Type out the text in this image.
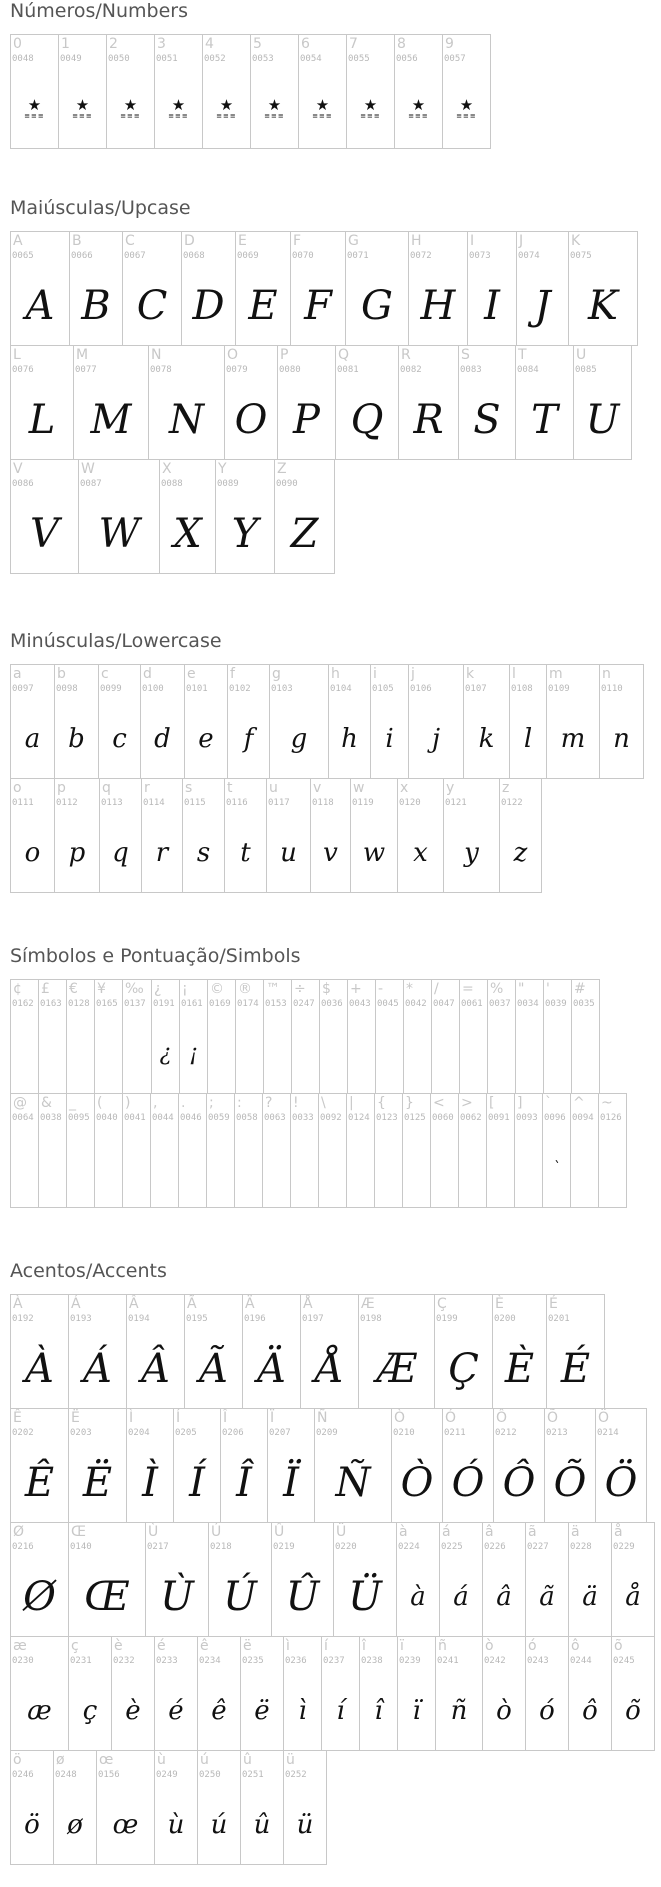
Números/Numbers
0
0048
★
≡≡≡
1
0049
★
≡≡≡
2
0050
★
≡≡≡
3
0051
★
≡≡≡
4
0052
★
≡≡≡
5
0053
★
≡≡≡
6
0054
★
≡≡≡
7
0055
★
≡≡≡
8
0056
★
≡≡≡
9
0057
★
≡≡≡
Maiúsculas/Upcase
A
0065
A
B
0066
B
C
0067
C
D
0068
D
E
0069
E
F
0070
F
G
0071
G
H
0072
H
I
0073
I
J
0074
J
K
0075
K
L
0076
L
M
0077
M
N
0078
N
O
0079
O
P
0080
P
Q
0081
Q
R
0082
R
S
0083
S
T
0084
T
U
0085
U
V
0086
V
W
0087
W
X
0088
X
Y
0089
Y
Z
0090
Z
Minúsculas/Lowercase
a
0097
a
b
0098
b
c
0099
c
d
0100
d
e
0101
e
f
0102
f
g
0103
g
h
0104
h
i
0105
i
j
0106
j
k
0107
k
l
0108
l
m
0109
m
n
0110
n
o
0111
o
p
0112
p
q
0113
q
r
0114
r
s
0115
s
t
0116
t
u
0117
u
v
0118
v
w
0119
w
x
0120
x
y
0121
y
z
0122
z
Símbolos e Pontuação/Simbols
¢
0162
£
0163
€
0128
¥
0165
‰
0137
¿
0191
¿
¡
0161
¡
©
0169
®
0174
™
0153
÷
0247
$
0036
+
0043
-
0045
*
0042
/
0047
=
0061
%
0037
"
0034
'
0039
#
0035
@
0064
&
0038
_
0095
(
0040
)
0041
,
0044
.
0046
;
0059
:
0058
?
0063
!
0033
\
0092
|
0124
{
0123
}
0125
<
0060
>
0062
[
0091
]
0093
`
0096
`
^
0094
~
0126
Acentos/Accents
À
0192
À
Á
0193
Á
Â
0194
Â
Ã
0195
Ã
Ä
0196
Ä
Å
0197
Å
Æ
0198
Æ
Ç
0199
Ç
È
0200
È
É
0201
É
Ê
0202
Ê
Ë
0203
Ë
Ì
0204
Ì
Í
0205
Í
Î
0206
Î
Ï
0207
Ï
Ñ
0209
Ñ
Ò
0210
Ò
Ó
0211
Ó
Ô
0212
Ô
Õ
0213
Õ
Ö
0214
Ö
Ø
0216
Ø
Œ
0140
Œ
Ù
0217
Ù
Ú
0218
Ú
Û
0219
Û
Ü
0220
Ü
à
0224
à
á
0225
á
â
0226
â
ã
0227
ã
ä
0228
ä
å
0229
å
æ
0230
æ
ç
0231
ç
è
0232
è
é
0233
é
ê
0234
ê
ë
0235
ë
ì
0236
ì
í
0237
í
î
0238
î
ï
0239
ï
ñ
0241
ñ
ò
0242
ò
ó
0243
ó
ô
0244
ô
õ
0245
õ
ö
0246
ö
ø
0248
ø
œ
0156
œ
ù
0249
ù
ú
0250
ú
û
0251
û
ü
0252
ü
